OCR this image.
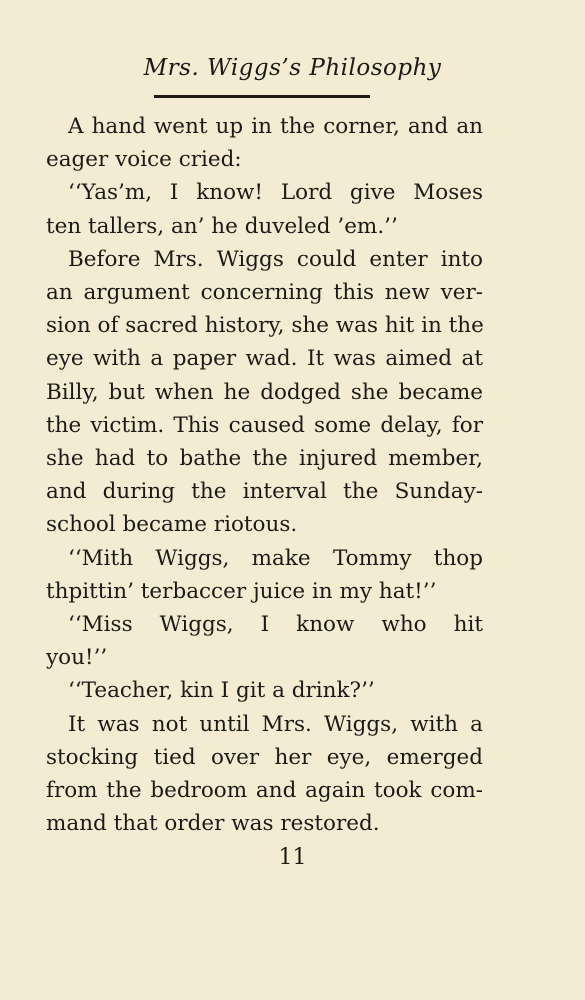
Mrs. Wiggs’s Philosophy
A hand went up in the corner, and an
eager voice cried:
‘‘Yas’m, I know! Lord give Moses
ten tallers, an’ he duveled ’em.’’
Before Mrs. Wiggs could enter into
an argument concerning this new ver-
sion of sacred history, she was hit in the
eye with a paper wad. It was aimed at
Billy, but when he dodged she became
the victim. This caused some delay, for
she had to bathe the injured member,
and during the interval the Sunday-
school became riotous.
‘‘Mith Wiggs, make Tommy thop
thpittin’ terbaccer juice in my hat!’’
‘‘Miss Wiggs, I know who hit
you!’’
‘‘Teacher, kin I git a drink?’’
It was not until Mrs. Wiggs, with a
stocking tied over her eye, emerged
from the bedroom and again took com-
mand that order was restored.
11
